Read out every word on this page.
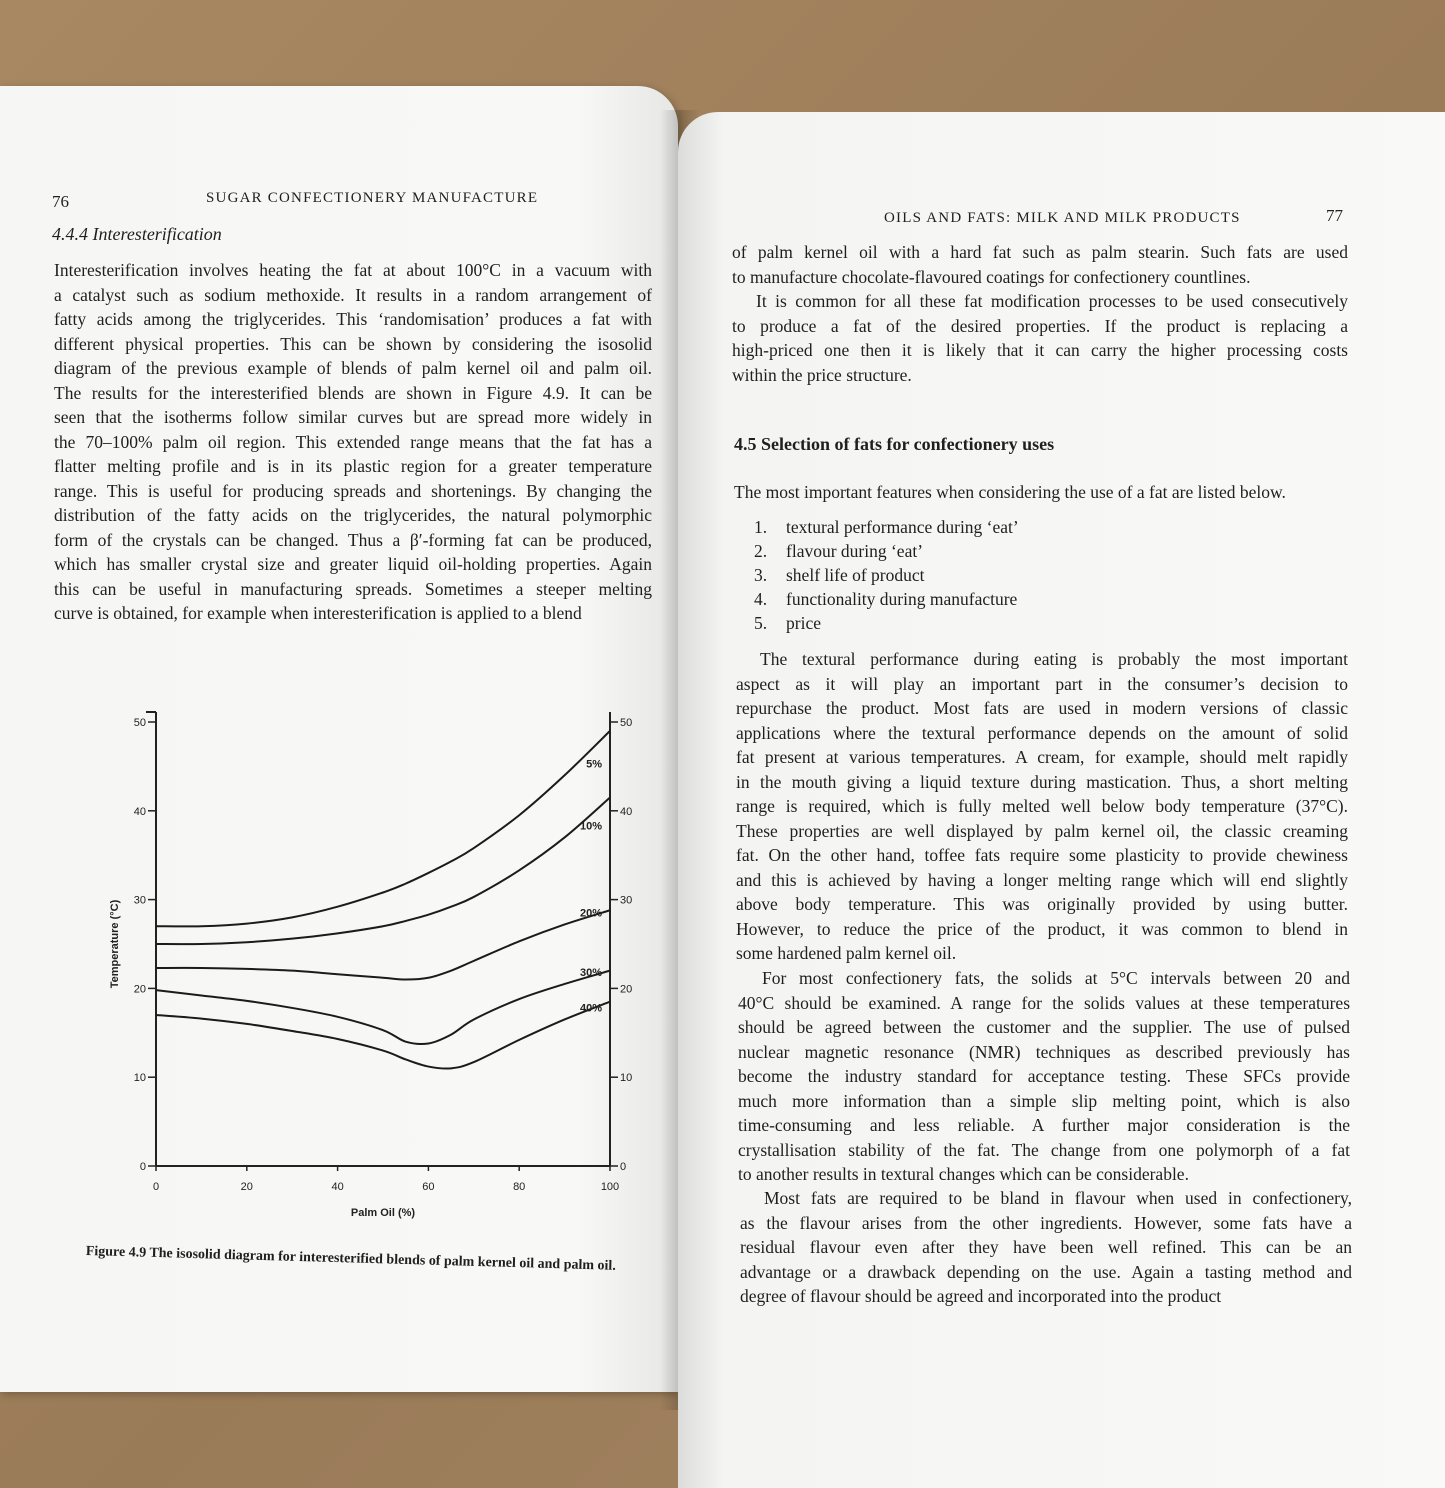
76	SUGAR CONFECTIONERY MANUFACTURE
4.4.4 Interesterification
Interesterification involves heating the fat at about 100°C in a vacuum with
a catalyst such as sodium methoxide. It results in a random arrangement of
fatty acids among the triglycerides. This ‘randomisation’ produces a fat with
different physical properties. This can be shown by considering the isosolid
diagram of the previous example of blends of palm kernel oil and palm oil.
The results for the interesterified blends are shown in Figure 4.9. It can be
seen that the isotherms follow similar curves but are spread more widely in
the 70–100% palm oil region. This extended range means that the fat has a
flatter melting profile and is in its plastic region for a greater temperature
range. This is useful for producing spreads and shortenings. By changing the
distribution of the fatty acids on the triglycerides, the natural polymorphic
form of the crystals can be changed. Thus a β′-forming fat can be produced,
which has smaller crystal size and greater liquid oil-holding properties. Again
this can be useful in manufacturing spreads. Sometimes a steeper melting
curve is obtained, for example when interesterification is applied to a blend
Figure 4.9 The isosolid diagram for interesterified blends of palm kernel oil and palm oil.
OILS AND FATS: MILK AND MILK PRODUCTS	77
of palm kernel oil with a hard fat such as palm stearin. Such fats are used
to manufacture chocolate-flavoured coatings for confectionery countlines.
It is common for all these fat modification processes to be used consecutively
to produce a fat of the desired properties. If the product is replacing a
high-priced one then it is likely that it can carry the higher processing costs
within the price structure.
4.5 Selection of fats for confectionery uses
The most important features when considering the use of a fat are listed below.
1. textural performance during ‘eat’
2. flavour during ‘eat’
3. shelf life of product
4. functionality during manufacture
5. price
The textural performance during eating is probably the most important
aspect as it will play an important part in the consumer’s decision to
repurchase the product. Most fats are used in modern versions of classic
applications where the textural performance depends on the amount of solid
fat present at various temperatures. A cream, for example, should melt rapidly
in the mouth giving a liquid texture during mastication. Thus, a short melting
range is required, which is fully melted well below body temperature (37°C).
These properties are well displayed by palm kernel oil, the classic creaming
fat. On the other hand, toffee fats require some plasticity to provide chewiness
and this is achieved by having a longer melting range which will end slightly
above body temperature. This was originally provided by using butter.
However, to reduce the price of the product, it was common to blend in
some hardened palm kernel oil.
For most confectionery fats, the solids at 5°C intervals between 20 and
40°C should be examined. A range for the solids values at these temperatures
should be agreed between the customer and the supplier. The use of pulsed
nuclear magnetic resonance (NMR) techniques as described previously has
become the industry standard for acceptance testing. These SFCs provide
much more information than a simple slip melting point, which is also
time-consuming and less reliable. A further major consideration is the
crystallisation stability of the fat. The change from one polymorph of a fat
to another results in textural changes which can be considerable.
Most fats are required to be bland in flavour when used in confectionery,
as the flavour arises from the other ingredients. However, some fats have a
residual flavour even after they have been well refined. This can be an
advantage or a drawback depending on the use. Again a tasting method and
degree of flavour should be agreed and incorporated into the product
0
10
20
30
40
50
0
10
20
30
40
50
0	20	40	60	80	100
5%
10%
20%
30%
40%
Palm Oil (%)
Temperature (°C)
